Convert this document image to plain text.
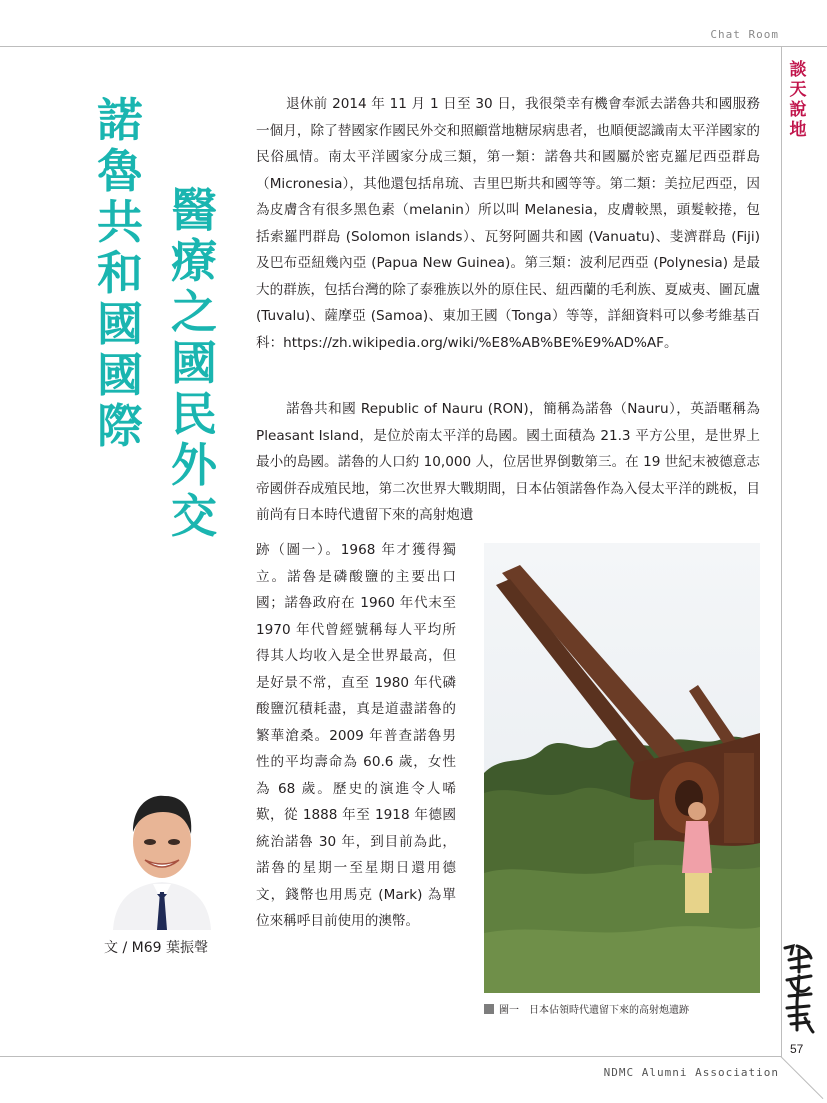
Chat Room
談
天
說
地
諾
魯
共
和
國
國
際
醫
療
之
國
民
外
交

退休前 2014 年 11 月 1 日至 30 日，我很榮幸有機會奉派去諾魯共和國服務一個月，除了替國家作國民外交和照顧當地糖尿病患者，也順便認識南太平洋國家的民俗風情。南太平洋國家分成三類，第一類：諾魯共和國屬於密克羅尼西亞群島（Micronesia），其他還包括帛琉、吉里巴斯共和國等等。第二類：美拉尼西亞，因為皮膚含有很多黑色素（melanin）所以叫 Melanesia，皮膚較黑，頭髮較捲，包括索羅門群島 (Solomon islands）、瓦努阿圖共和國 (Vanuatu)、斐濟群島 (Fiji) 及巴布亞紐幾內亞 (Papua New Guinea)。第三類：波利尼西亞 (Polynesia) 是最大的群族，包括台灣的除了泰雅族以外的原住民、紐西蘭的毛利族、夏威夷、圖瓦盧 (Tuvalu)、薩摩亞 (Samoa)、東加王國（Tonga）等等，詳細資料可以參考維基百科：https://zh.wikipedia.org/wiki/%E8%AB%BE%E9%AD%AF。

諾魯共和國 Republic of Nauru (RON)，簡稱為諾魯（Nauru），英語暱稱為 Pleasant Island，是位於南太平洋的島國。國土面積為 21.3 平方公里，是世界上最小的島國。諾魯的人口約 10,000 人，位居世界倒數第三。在 19 世紀末被德意志帝國併吞成殖民地，第二次世界大戰期間，日本佔領諾魯作為入侵太平洋的跳板，目前尚有日本時代遺留下來的高射炮遺

跡（圖一）。1968 年才獲得獨立。諾魯是磷酸鹽的主要出口國；諾魯政府在 1960 年代末至 1970 年代曾經號稱每人平均所得其人均收入是全世界最高，但是好景不常，直至 1980 年代磷酸鹽沉積耗盡，真是道盡諾魯的繁華滄桑。2009 年普查諾魯男性的平均壽命為 60.6 歲，女性為 68 歲。歷史的演進令人唏歎，從 1888 年至 1918 年德國統治諾魯 30 年，到目前為此，諾魯的星期一至星期日還用德文，錢幣也用馬克 (Mark) 為單位來稱呼目前使用的澳幣。

文 / M69 葉振聲
圖一　日本佔領時代遺留下來的高射炮遺跡
57
NDMC Alumni Association
